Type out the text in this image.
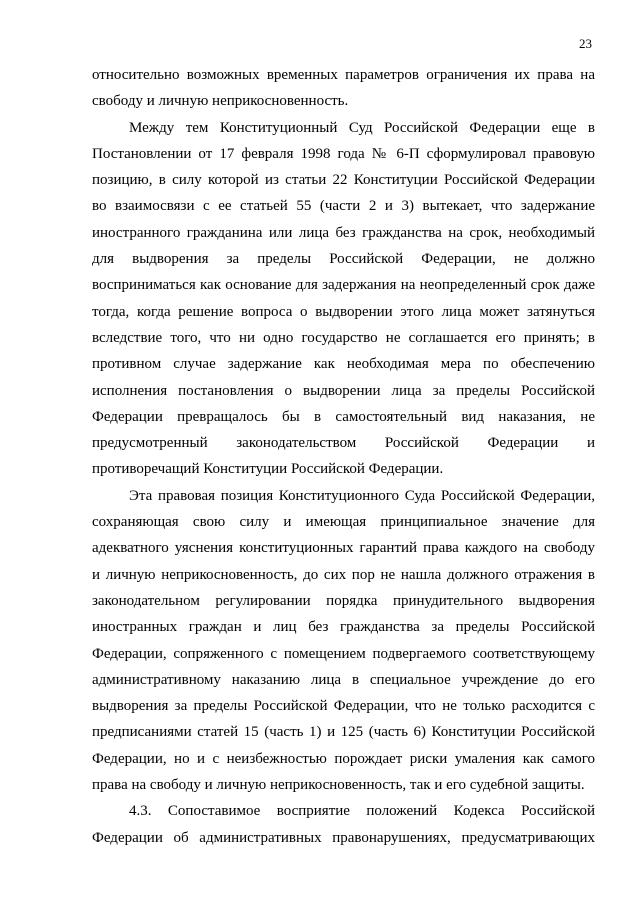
23

относительно возможных временных параметров ограничения их права на
свободу и личную неприкосновенность.

Между тем Конституционный Суд Российской Федерации еще в
Постановлении от 17 февраля 1998 года № 6-П сформулировал правовую
позицию, в силу которой из статьи 22 Конституции Российской Федерации
во взаимосвязи с ее статьей 55 (части 2 и 3) вытекает, что задержание
иностранного гражданина или лица без гражданства на срок, необходимый
для выдворения за пределы Российской Федерации, не должно
восприниматься как основание для задержания на неопределенный срок даже
тогда, когда решение вопроса о выдворении этого лица может затянуться
вследствие того, что ни одно государство не соглашается его принять; в
противном случае задержание как необходимая мера по обеспечению
исполнения постановления о выдворении лица за пределы Российской
Федерации превращалось бы в самостоятельный вид наказания, не
предусмотренный законодательством Российской Федерации и
противоречащий Конституции Российской Федерации.

Эта правовая позиция Конституционного Суда Российской Федерации,
сохраняющая свою силу и имеющая принципиальное значение для
адекватного уяснения конституционных гарантий права каждого на свободу
и личную неприкосновенность, до сих пор не нашла должного отражения в
законодательном регулировании порядка принудительного выдворения
иностранных граждан и лиц без гражданства за пределы Российской
Федерации, сопряженного с помещением подвергаемого соответствующему
административному наказанию лица в специальное учреждение до его
выдворения за пределы Российской Федерации, что не только расходится с
предписаниями статей 15 (часть 1) и 125 (часть 6) Конституции Российской
Федерации, но и с неизбежностью порождает риски умаления как самого
права на свободу и личную неприкосновенность, так и его судебной защиты.

4.3. Сопоставимое восприятие положений Кодекса Российской
Федерации об административных правонарушениях, предусматривающих
